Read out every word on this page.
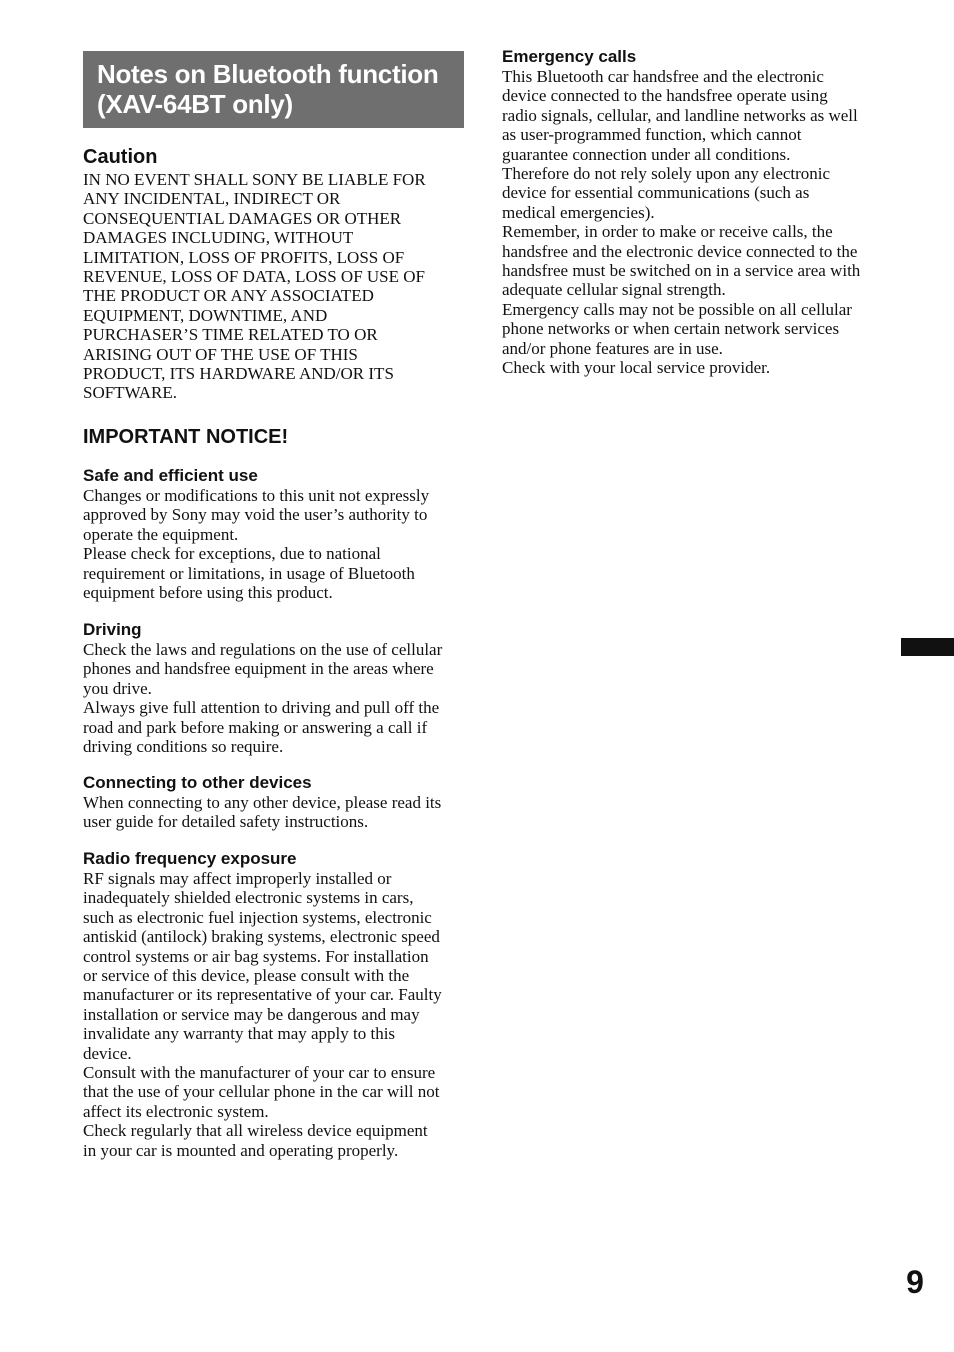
Notes on Bluetooth function
(XAV-64BT only)
Caution
IN NO EVENT SHALL SONY BE LIABLE FOR
ANY INCIDENTAL, INDIRECT OR
CONSEQUENTIAL DAMAGES OR OTHER
DAMAGES INCLUDING, WITHOUT
LIMITATION, LOSS OF PROFITS, LOSS OF
REVENUE, LOSS OF DATA, LOSS OF USE OF
THE PRODUCT OR ANY ASSOCIATED
EQUIPMENT, DOWNTIME, AND
PURCHASER’S TIME RELATED TO OR
ARISING OUT OF THE USE OF THIS
PRODUCT, ITS HARDWARE AND/OR ITS
SOFTWARE.
IMPORTANT NOTICE!
Safe and efficient use
Changes or modifications to this unit not expressly
approved by Sony may void the user’s authority to
operate the equipment.
Please check for exceptions, due to national
requirement or limitations, in usage of Bluetooth
equipment before using this product.
Driving
Check the laws and regulations on the use of cellular
phones and handsfree equipment in the areas where
you drive.
Always give full attention to driving and pull off the
road and park before making or answering a call if
driving conditions so require.
Connecting to other devices
When connecting to any other device, please read its
user guide for detailed safety instructions.
Radio frequency exposure
RF signals may affect improperly installed or
inadequately shielded electronic systems in cars,
such as electronic fuel injection systems, electronic
antiskid (antilock) braking systems, electronic speed
control systems or air bag systems. For installation
or service of this device, please consult with the
manufacturer or its representative of your car. Faulty
installation or service may be dangerous and may
invalidate any warranty that may apply to this
device.
Consult with the manufacturer of your car to ensure
that the use of your cellular phone in the car will not
affect its electronic system.
Check regularly that all wireless device equipment
in your car is mounted and operating properly.
Emergency calls
This Bluetooth car handsfree and the electronic
device connected to the handsfree operate using
radio signals, cellular, and landline networks as well
as user-programmed function, which cannot
guarantee connection under all conditions.
Therefore do not rely solely upon any electronic
device for essential communications (such as
medical emergencies).
Remember, in order to make or receive calls, the
handsfree and the electronic device connected to the
handsfree must be switched on in a service area with
adequate cellular signal strength.
Emergency calls may not be possible on all cellular
phone networks or when certain network services
and/or phone features are in use.
Check with your local service provider.
9
